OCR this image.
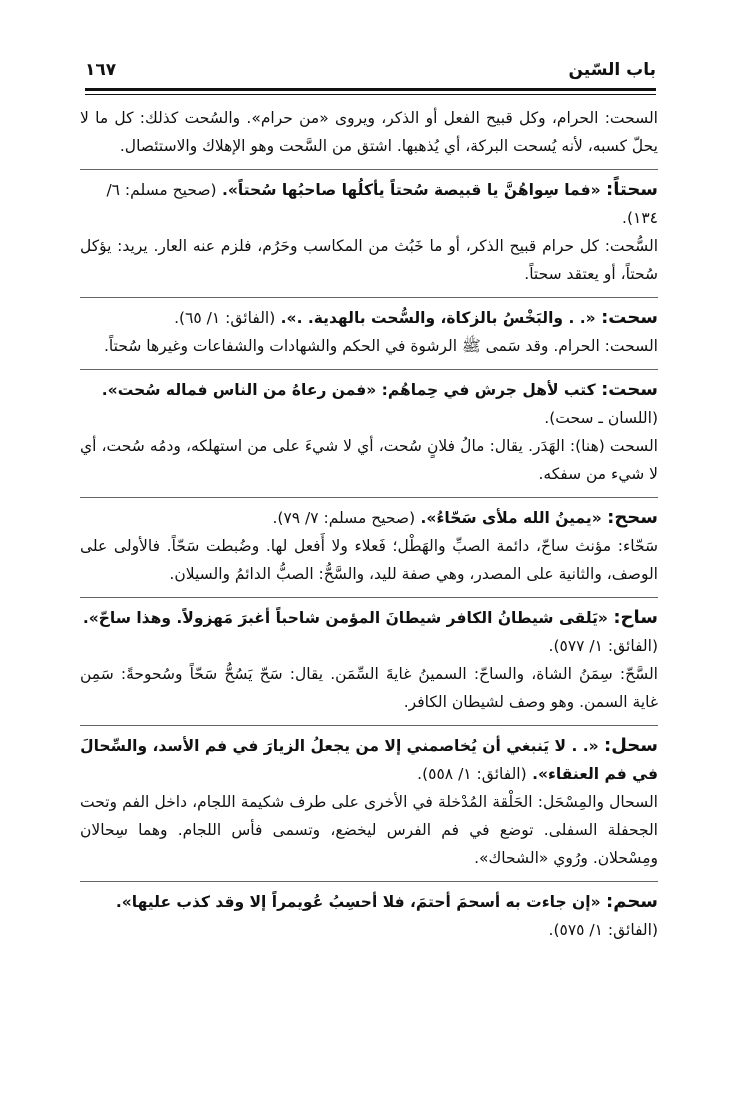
باب السّين
١٦٧

السحت: الحرام، وكل قبيح الفعل أو الذكر، ويروى «من حرام». والسُحت كذلك: كل ما لا يحلّ كسبه، لأنه يُسحت البركة، أي يُذهبها. اشتق من السَّحت وهو الإهلاك والاستئصال.

سحتاً: «فما سِواهُنَّ يا قبيصة سُحتاً يأكلُها صاحبُها سُحتاً». (صحيح مسلم: ٦/ ١٣٤).

السُّحت: كل حرام قبيح الذكر، أو ما خَبُث من المكاسب وحَرُم، فلزم عنه العار. يريد: يؤكل سُحتاً، أو يعتقد سحتاً.

سحت: «. . والبَخْسُ بالزكاة، والسُّحت بالهدية. .». (الفائق: ١/ ٦٥).

السحت: الحرام. وقد سَمى ﷺ الرشوة في الحكم والشهادات والشفاعات وغيرها سُحتاً.

سحت: كتب لأهل جرش في حِماهُم: «فمن رعاهُ من الناس فماله سُحت». (اللسان ـ سحت).

السحت (هنا): الهَدَر. يقال: مالُ فلانٍ سُحت، أي لا شيءَ على من استهلكه، ودمُه سُحت، أي لا شيء من سفكه.

سحح: «يمينُ الله ملأى سَحّاءُ». (صحيح مسلم: ٧/ ٧٩).

سَحّاء: مؤنث ساحّ، دائمة الصبِّ والهَطْل؛ فَعلاء ولا أَفعل لها. وضُبطت سَحّاً. فالأولى على الوصف، والثانية على المصدر، وهي صفة لليد، والسَّحُّ: الصبُّ الدائمُ والسيلان.

ساح: «يَلقى شيطانُ الكافر شيطانَ المؤمن شاحباً أغبرَ مَهزولاً. وهذا ساحّ». (الفائق: ١/ ٥٧٧).

السَّحّ: سِمَنُ الشاة، والساحّ: السمينُ غايةَ السِّمَن. يقال: سَحّ يَسُحُّ سَحّاً وسُحوحةً: سَمِن غاية السمن. وهو وصف لشيطان الكافر.

سحل: «. . لا يَنبغي أن يُخاصمني إلا من يجعلُ الزيارَ في فم الأسد، والسِّحالَ في فم العنقاء». (الفائق: ١/ ٥٥٨).

السحال والمِسْحَل: الحَلْقة المُدْخلة في الأخرى على طرف شكيمة اللجام، داخل الفم وتحت الجحفلة السفلى. توضع في فم الفرس ليخضع، وتسمى فأس اللجام. وهما سِحالان ومِسْحلان. ورُوي «الشحاك».

سحم: «إن جاءت به أسحمَ أحتمَ، فلا أحسِبُ عُويمراً إلا وقد كذب عليها». (الفائق: ١/ ٥٧٥).
